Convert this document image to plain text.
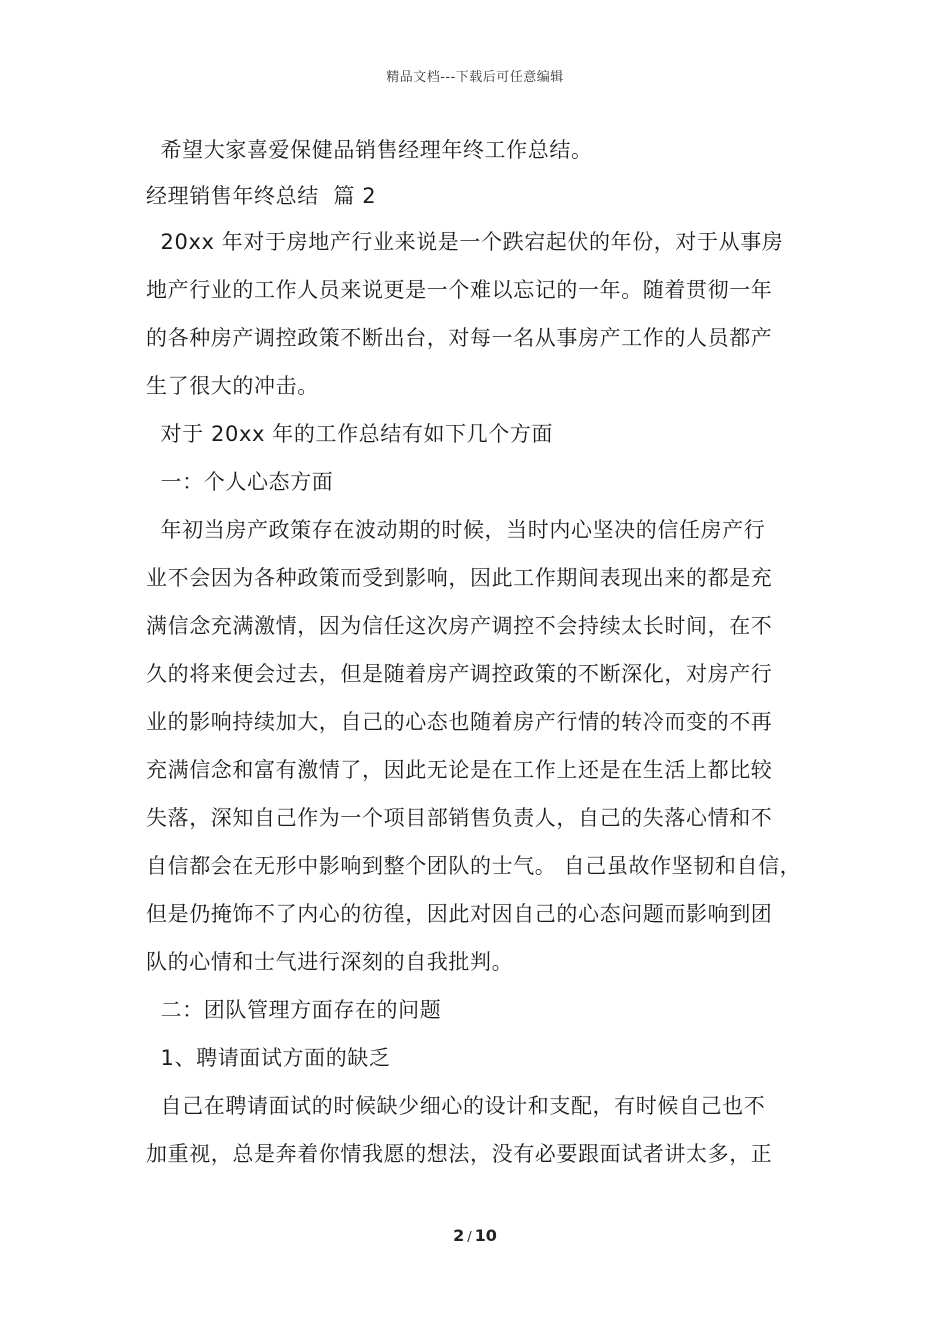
精品文档---下载后可任意编辑
希望大家喜爱保健品销售经理年终工作总结。
经理销售年终总结  篇 2
20xx 年对于房地产行业来说是一个跌宕起伏的年份，对于从事房
地产行业的工作人员来说更是一个难以忘记的一年。随着贯彻一年
的各种房产调控政策不断出台，对每一名从事房产工作的人员都产
生了很大的冲击。
对于 20xx 年的工作总结有如下几个方面
一：个人心态方面
年初当房产政策存在波动期的时候，当时内心坚决的信任房产行
业不会因为各种政策而受到影响，因此工作期间表现出来的都是充
满信念充满激情，因为信任这次房产调控不会持续太长时间，在不
久的将来便会过去，但是随着房产调控政策的不断深化，对房产行
业的影响持续加大，自己的心态也随着房产行情的转冷而变的不再
充满信念和富有激情了，因此无论是在工作上还是在生活上都比较
失落，深知自己作为一个项目部销售负责人，自己的失落心情和不
自信都会在无形中影响到整个团队的士气。 自己虽故作坚韧和自信，
但是仍掩饰不了内心的彷徨，因此对因自己的心态问题而影响到团
队的心情和士气进行深刻的自我批判。
二：团队管理方面存在的问题
1、聘请面试方面的缺乏
自己在聘请面试的时候缺少细心的设计和支配，有时候自己也不
加重视，总是奔着你情我愿的想法，没有必要跟面试者讲太多，正
2 / 10
